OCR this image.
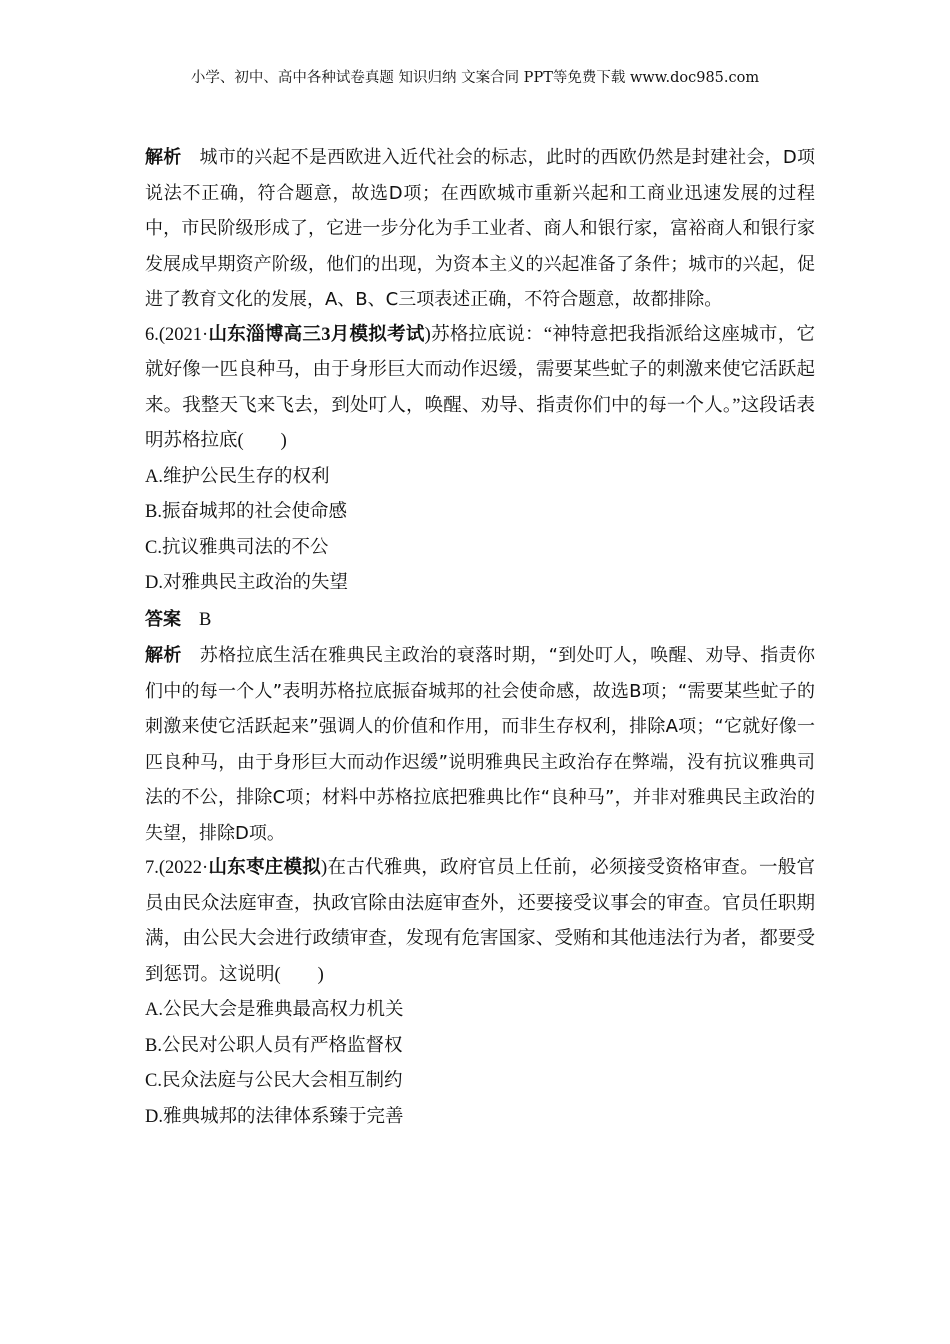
小学、初中、高中各种试卷真题 知识归纳 文案合同 PPT等免费下载 www.doc985.com

解析 城市的兴起不是西欧进入近代社会的标志，此时的西欧仍然是封建社会，D项说法不正确，符合题意，故选D项；在西欧城市重新兴起和工商业迅速发展的过程中，市民阶级形成了，它进一步分化为手工业者、商人和银行家，富裕商人和银行家发展成早期资产阶级，他们的出现，为资本主义的兴起准备了条件；城市的兴起，促进了教育文化的发展，A、B、C三项表述正确，不符合题意，故都排除。

6.(2021·山东淄博高三3月模拟考试)苏格拉底说：“神特意把我指派给这座城市，它就好像一匹良种马，由于身形巨大而动作迟缓，需要某些虻子的刺激来使它活跃起来。我整天飞来飞去，到处叮人，唤醒、劝导、指责你们中的每一个人。”这段话表明苏格拉底(　　)

A.维护公民生存的权利

B.振奋城邦的社会使命感

C.抗议雅典司法的不公

D.对雅典民主政治的失望

答案 B

解析 苏格拉底生活在雅典民主政治的衰落时期，“到处叮人，唤醒、劝导、指责你们中的每一个人”表明苏格拉底振奋城邦的社会使命感，故选B项；“需要某些虻子的刺激来使它活跃起来”强调人的价值和作用，而非生存权利，排除A项；“它就好像一匹良种马，由于身形巨大而动作迟缓”说明雅典民主政治存在弊端，没有抗议雅典司法的不公，排除C项；材料中苏格拉底把雅典比作“良种马”，并非对雅典民主政治的失望，排除D项。

7.(2022·山东枣庄模拟)在古代雅典，政府官员上任前，必须接受资格审查。一般官员由民众法庭审查，执政官除由法庭审查外，还要接受议事会的审查。官员任职期满，由公民大会进行政绩审查，发现有危害国家、受贿和其他违法行为者，都要受到惩罚。这说明(　　)

A.公民大会是雅典最高权力机关

B.公民对公职人员有严格监督权

C.民众法庭与公民大会相互制约

D.雅典城邦的法律体系臻于完善
